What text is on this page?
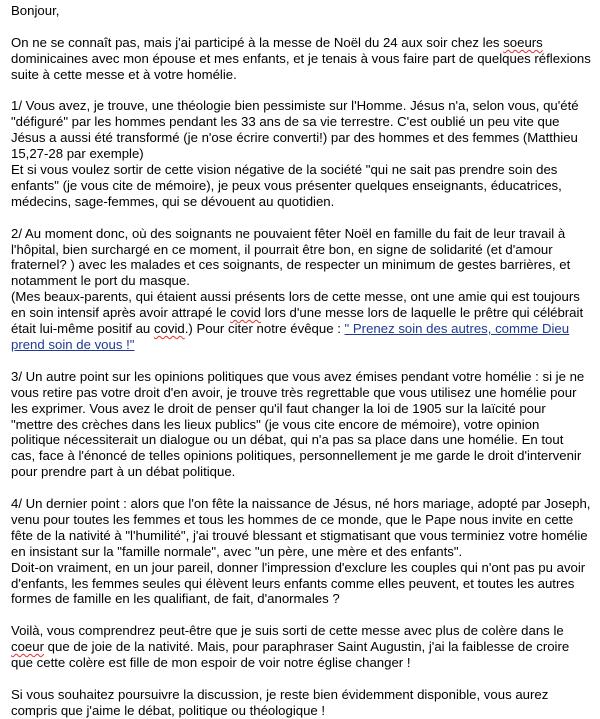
Bonjour,

On ne se connaît pas, mais j'ai participé à la messe de Noël du 24 aux soir chez les soeurs dominicaines avec mon épouse et mes enfants, et je tenais à vous faire part de quelques réflexions suite à cette messe et à votre homélie.

1/ Vous avez, je trouve, une théologie bien pessimiste sur l'Homme. Jésus n'a, selon vous, qu'été "défiguré" par les hommes pendant les 33 ans de sa vie terrestre. C'est oublié un peu vite que Jésus a aussi été transformé (je n'ose écrire converti!) par des hommes et des femmes (Matthieu 15,27-28 par exemple)

Et si vous voulez sortir de cette vision négative de la société "qui ne sait pas prendre soin des enfants" (je vous cite de mémoire), je peux vous présenter quelques enseignants, éducatrices, médecins, sage-femmes, qui se dévouent au quotidien.

2/ Au moment donc, où des soignants ne pouvaient fêter Noël en famille du fait de leur travail à l'hôpital, bien surchargé en ce moment, il pourrait être bon, en signe de solidarité (et d'amour fraternel? ) avec les malades et ces soignants, de respecter un minimum de gestes barrières, et notamment le port du masque.

(Mes beaux-parents, qui étaient aussi présents lors de cette messe, ont une amie qui est toujours en soin intensif après avoir attrapé le covid lors d'une messe lors de laquelle le prêtre qui célébrait était lui-même positif au covid.) Pour citer notre évêque : " Prenez soin des autres, comme Dieu prend soin de vous !"

3/ Un autre point sur les opinions politiques que vous avez émises pendant votre homélie : si je ne vous retire pas votre droit d'en avoir, je trouve très regrettable que vous utilisez une homélie pour les exprimer. Vous avez le droit de penser qu'il faut changer la loi de 1905 sur la laïcité pour "mettre des crèches dans les lieux publics" (je vous cite encore de mémoire), votre opinion politique nécessiterait un dialogue ou un débat, qui n'a pas sa place dans une homélie. En tout cas, face à l'énoncé de telles opinions politiques, personnellement je me garde le droit d'intervenir pour prendre part à un débat politique.

4/ Un dernier point : alors que l'on fête la naissance de Jésus, né hors mariage, adopté par Joseph, venu pour toutes les femmes et tous les hommes de ce monde, que le Pape nous invite en cette fête de la nativité à "l'humilité", j'ai trouvé blessant et stigmatisant que vous terminiez votre homélie en insistant sur la "famille normale", avec "un père, une mère et des enfants".

Doit-on vraiment, en un jour pareil, donner l'impression d'exclure les couples qui n'ont pas pu avoir d'enfants, les femmes seules qui élèvent leurs enfants comme elles peuvent, et toutes les autres formes de famille en les qualifiant, de fait, d'anormales ?

Voilà, vous comprendrez peut-être que je suis sorti de cette messe avec plus de colère dans le coeur que de joie de la nativité. Mais, pour paraphraser Saint Augustin, j'ai la faiblesse de croire que cette colère est fille de mon espoir de voir notre église changer !

Si vous souhaitez poursuivre la discussion, je reste bien évidemment disponible, vous aurez compris que j'aime le débat, politique ou théologique !
